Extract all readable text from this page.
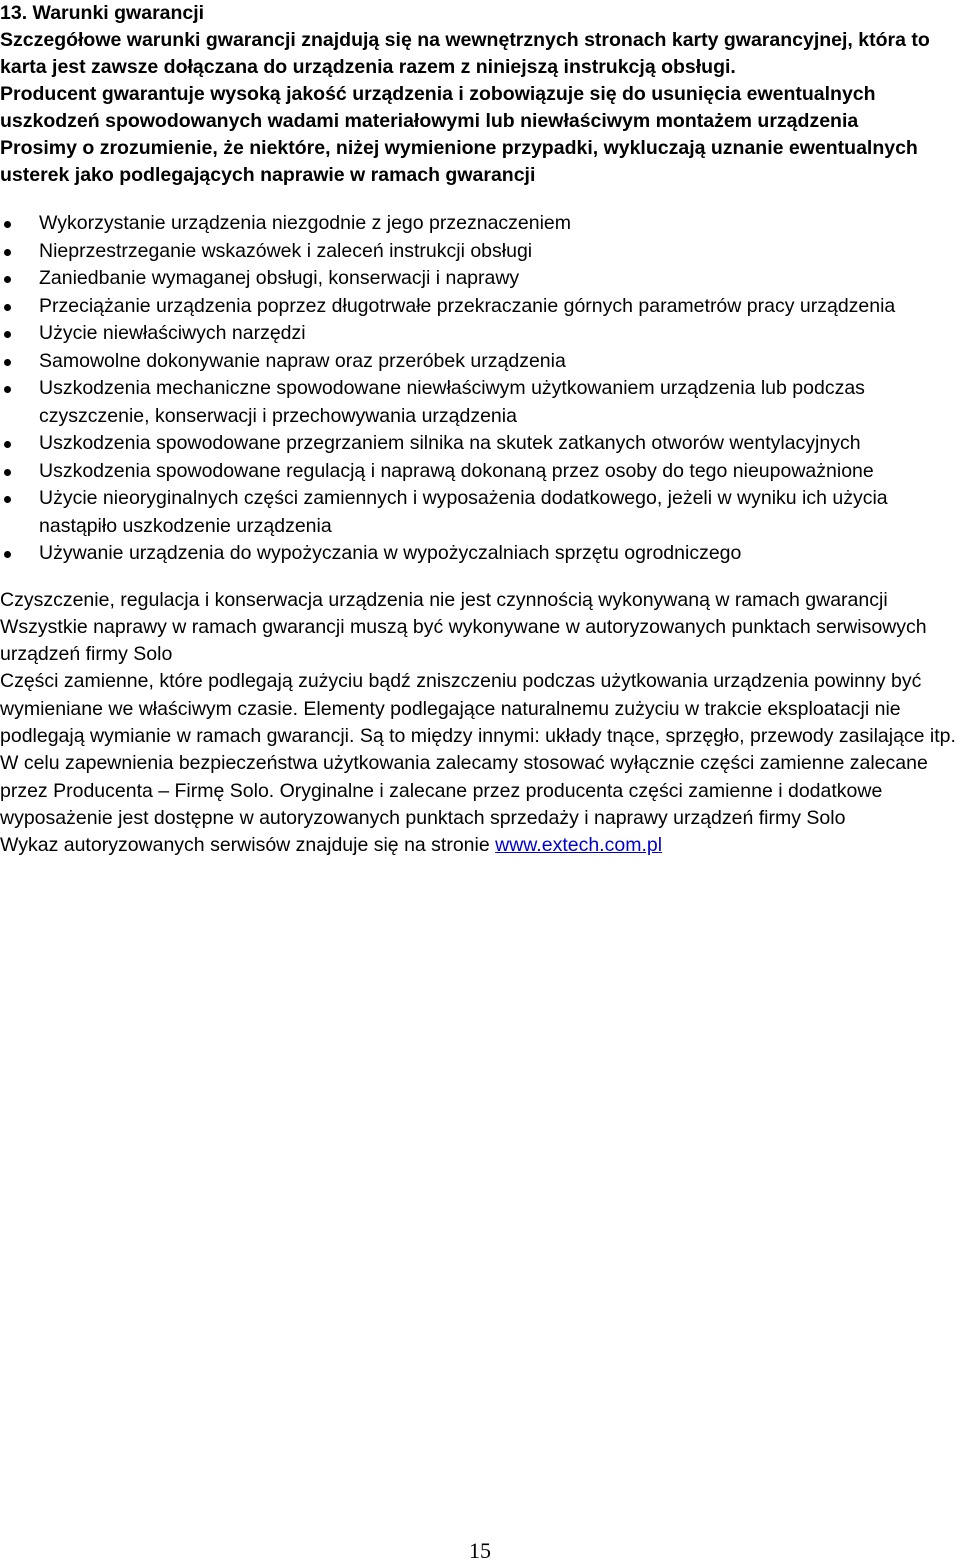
13. Warunki gwarancji

Szczegółowe warunki gwarancji znajdują się na wewnętrznych stronach karty gwarancyjnej, która to karta jest zawsze dołączana do urządzenia razem z niniejszą instrukcją obsługi.

Producent gwarantuje wysoką jakość urządzenia i zobowiązuje się do usunięcia ewentualnych uszkodzeń spowodowanych wadami materiałowymi lub niewłaściwym montażem urządzenia

Prosimy o zrozumienie, że niektóre, niżej wymienione przypadki, wykluczają uznanie ewentualnych usterek jako podlegających naprawie w ramach gwarancji

Wykorzystanie urządzenia niezgodnie z jego przeznaczeniem
Nieprzestrzeganie wskazówek i zaleceń instrukcji obsługi
Zaniedbanie wymaganej obsługi, konserwacji i naprawy
Przeciążanie urządzenia poprzez długotrwałe przekraczanie górnych parametrów pracy urządzenia
Użycie niewłaściwych narzędzi
Samowolne dokonywanie napraw oraz przeróbek urządzenia
Uszkodzenia mechaniczne spowodowane niewłaściwym użytkowaniem urządzenia lub podczas czyszczenie, konserwacji i przechowywania urządzenia
Uszkodzenia spowodowane przegrzaniem silnika na skutek zatkanych otworów wentylacyjnych
Uszkodzenia spowodowane regulacją i naprawą dokonaną przez osoby do tego nieupoważnione
Użycie nieoryginalnych części zamiennych i wyposażenia dodatkowego, jeżeli w wyniku ich użycia nastąpiło uszkodzenie urządzenia
Używanie urządzenia do wypożyczania w wypożyczalniach sprzętu ogrodniczego

Czyszczenie, regulacja i konserwacja urządzenia nie jest czynnością wykonywaną w ramach gwarancji

Wszystkie naprawy w ramach gwarancji muszą być wykonywane w autoryzowanych punktach serwisowych urządzeń firmy Solo

Części zamienne, które podlegają zużyciu bądź zniszczeniu podczas użytkowania urządzenia powinny być wymieniane we właściwym czasie. Elementy podlegające naturalnemu zużyciu w trakcie eksploatacji nie podlegają wymianie w ramach gwarancji. Są to między innymi: układy tnące, sprzęgło, przewody zasilające itp.

W celu zapewnienia bezpieczeństwa użytkowania zalecamy stosować wyłącznie części zamienne zalecane przez Producenta – Firmę Solo. Oryginalne i zalecane przez producenta części zamienne i dodatkowe wyposażenie jest dostępne w autoryzowanych punktach sprzedaży i naprawy urządzeń firmy Solo

Wykaz autoryzowanych serwisów znajduje się na stronie www.extech.com.pl

15
